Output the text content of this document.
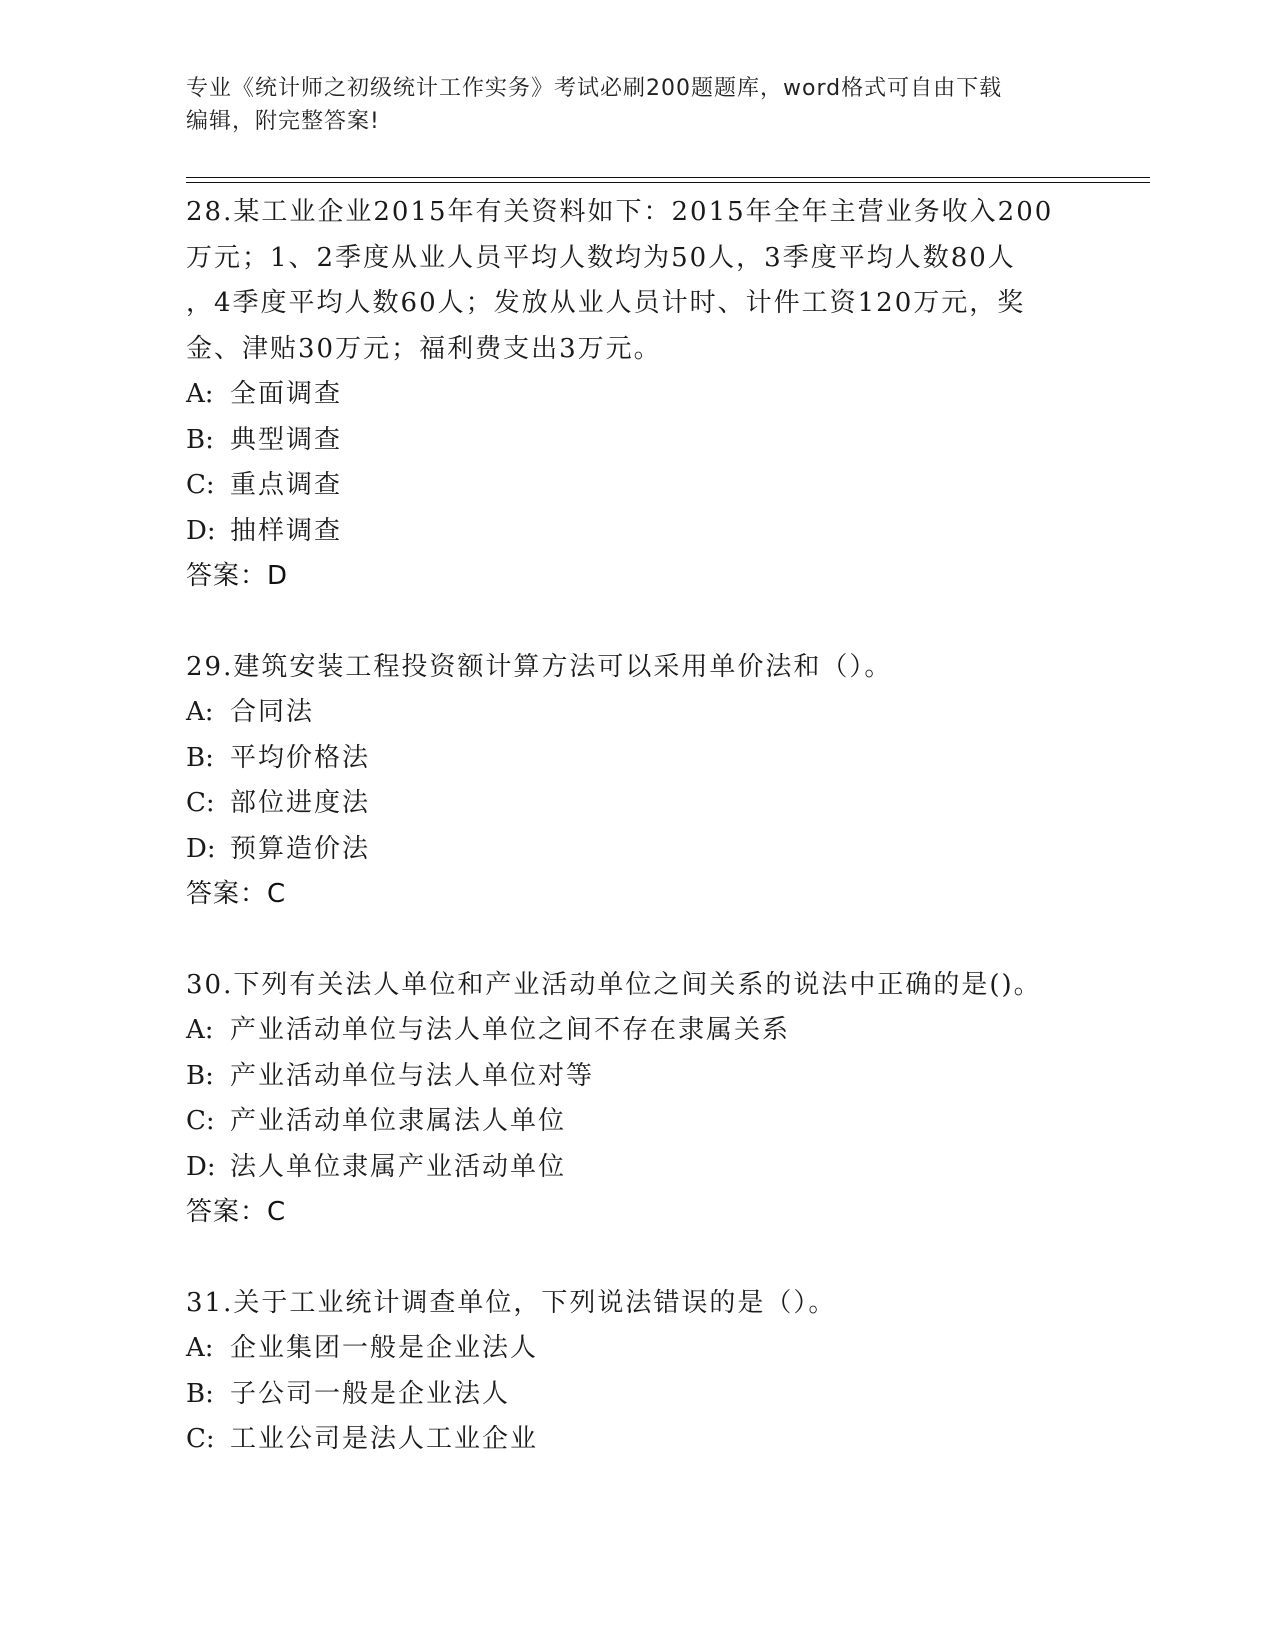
专业《统计师之初级统计工作实务》考试必刷200题题库，word格式可自由下载
编辑，附完整答案!
28.某工业企业2015年有关资料如下：2015年全年主营业务收入200
万元；1、2季度从业人员平均人数均为50人，3季度平均人数80人
，4季度平均人数60人；发放从业人员计时、计件工资120万元，奖
金、津贴30万元；福利费支出3万元。
A: 全面调查
B: 典型调查
C: 重点调查
D: 抽样调查
答案：D
29.建筑安装工程投资额计算方法可以采用单价法和（）。
A: 合同法
B: 平均价格法
C: 部位进度法
D: 预算造价法
答案：C
30.下列有关法人单位和产业活动单位之间关系的说法中正确的是()。
A: 产业活动单位与法人单位之间不存在隶属关系
B: 产业活动单位与法人单位对等
C: 产业活动单位隶属法人单位
D: 法人单位隶属产业活动单位
答案：C
31.关于工业统计调查单位，下列说法错误的是（）。
A: 企业集团一般是企业法人
B: 子公司一般是企业法人
C: 工业公司是法人工业企业
